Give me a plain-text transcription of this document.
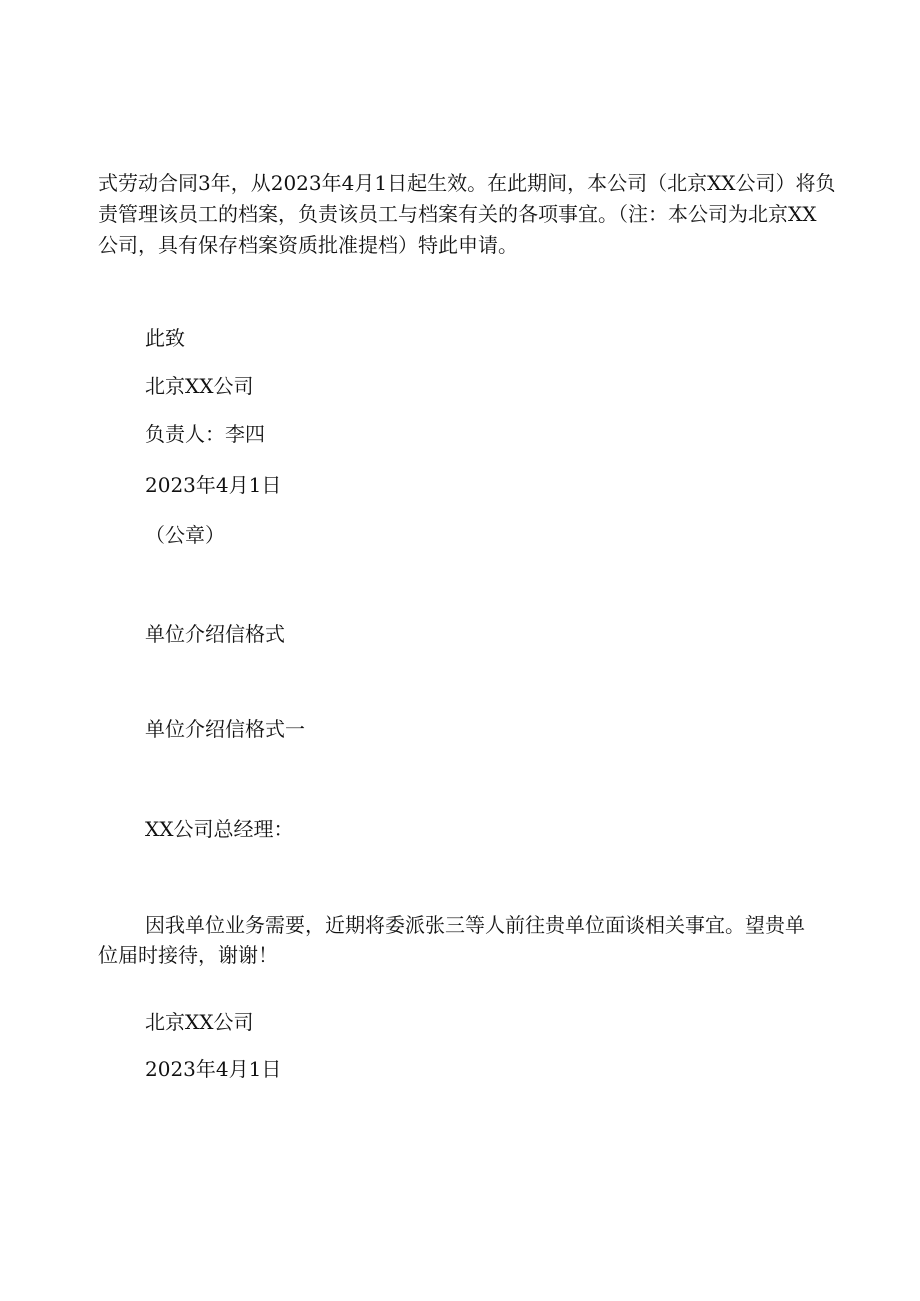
式劳动合同3年，从2023年4月1日起生效。在此期间，本公司（北京XX公司）将负
责管理该员工的档案，负责该员工与档案有关的各项事宜。（注：本公司为北京XX
公司，具有保存档案资质批准提档）特此申请。
此致
北京XX公司
负责人：李四
2023年4月1日
（公章）
单位介绍信格式
单位介绍信格式一
XX公司总经理：
因我单位业务需要，近期将委派张三等人前往贵单位面谈相关事宜。望贵单
位届时接待，谢谢！
北京XX公司
2023年4月1日
